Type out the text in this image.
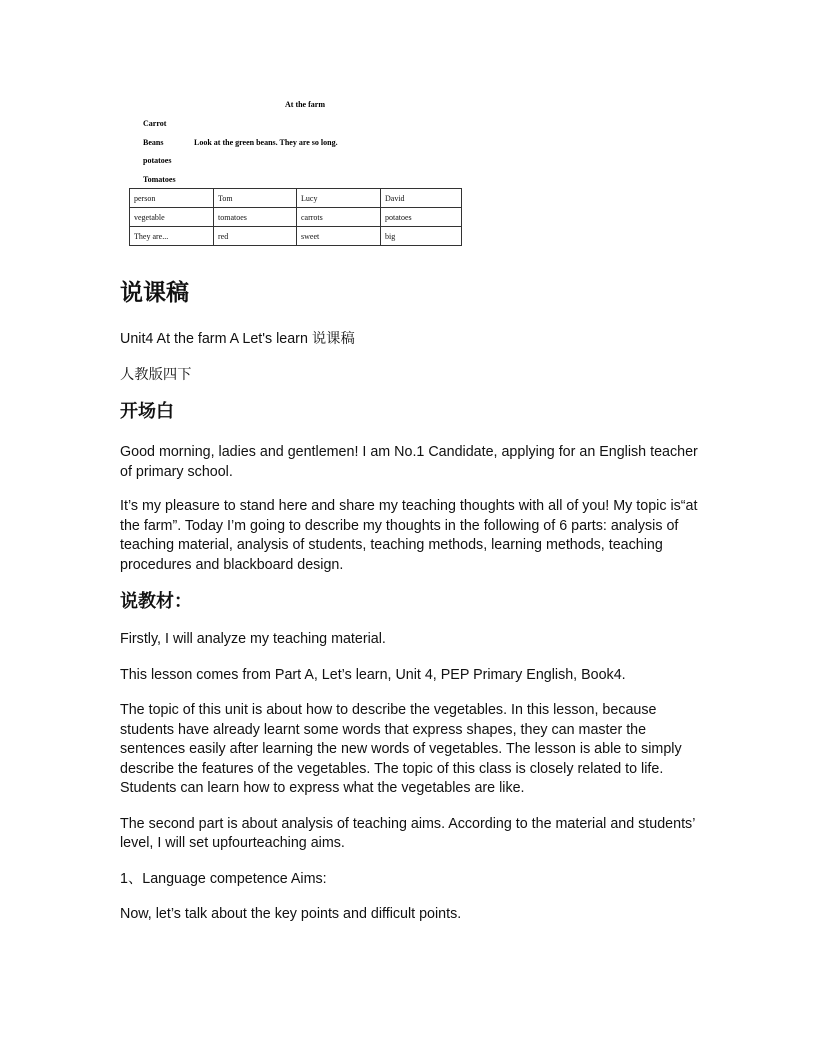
At the farm
Carrot
Beans	Look at the green beans. They are so long.
potatoes
Tomatoes
person	Tom	Lucy	David
vegetable	tomatoes	carrots	potatoes
They are...	red	sweet	big
说课稿

Unit4 At the farm A Let's learn 说课稿

人教版四下

开场白

Good morning, ladies and gentlemen! I am No.1 Candidate, applying for an English teacher of primary school.

It’s my pleasure to stand here and share my teaching thoughts with all of you! My topic is“at the farm”. Today I’m going to describe my thoughts in the following of 6 parts: analysis of teaching material, analysis of students, teaching methods, learning methods, teaching procedures and blackboard design.

说教材：

Firstly, I will analyze my teaching material.

This lesson comes from Part A, Let’s learn, Unit 4, PEP Primary English, Book4.

The topic of this unit is about how to describe the vegetables. In this lesson, because students have already learnt some words that express shapes, they can master the sentences easily after learning the new words of vegetables. The lesson is able to simply describe the features of the vegetables. The topic of this class is closely related to life. Students can learn how to express what the vegetables are like.

The second part is about analysis of teaching aims. According to the material and students’ level, I will set upfourteaching aims.

1、Language competence Aims:

Now, let’s talk about the key points and difficult points.
